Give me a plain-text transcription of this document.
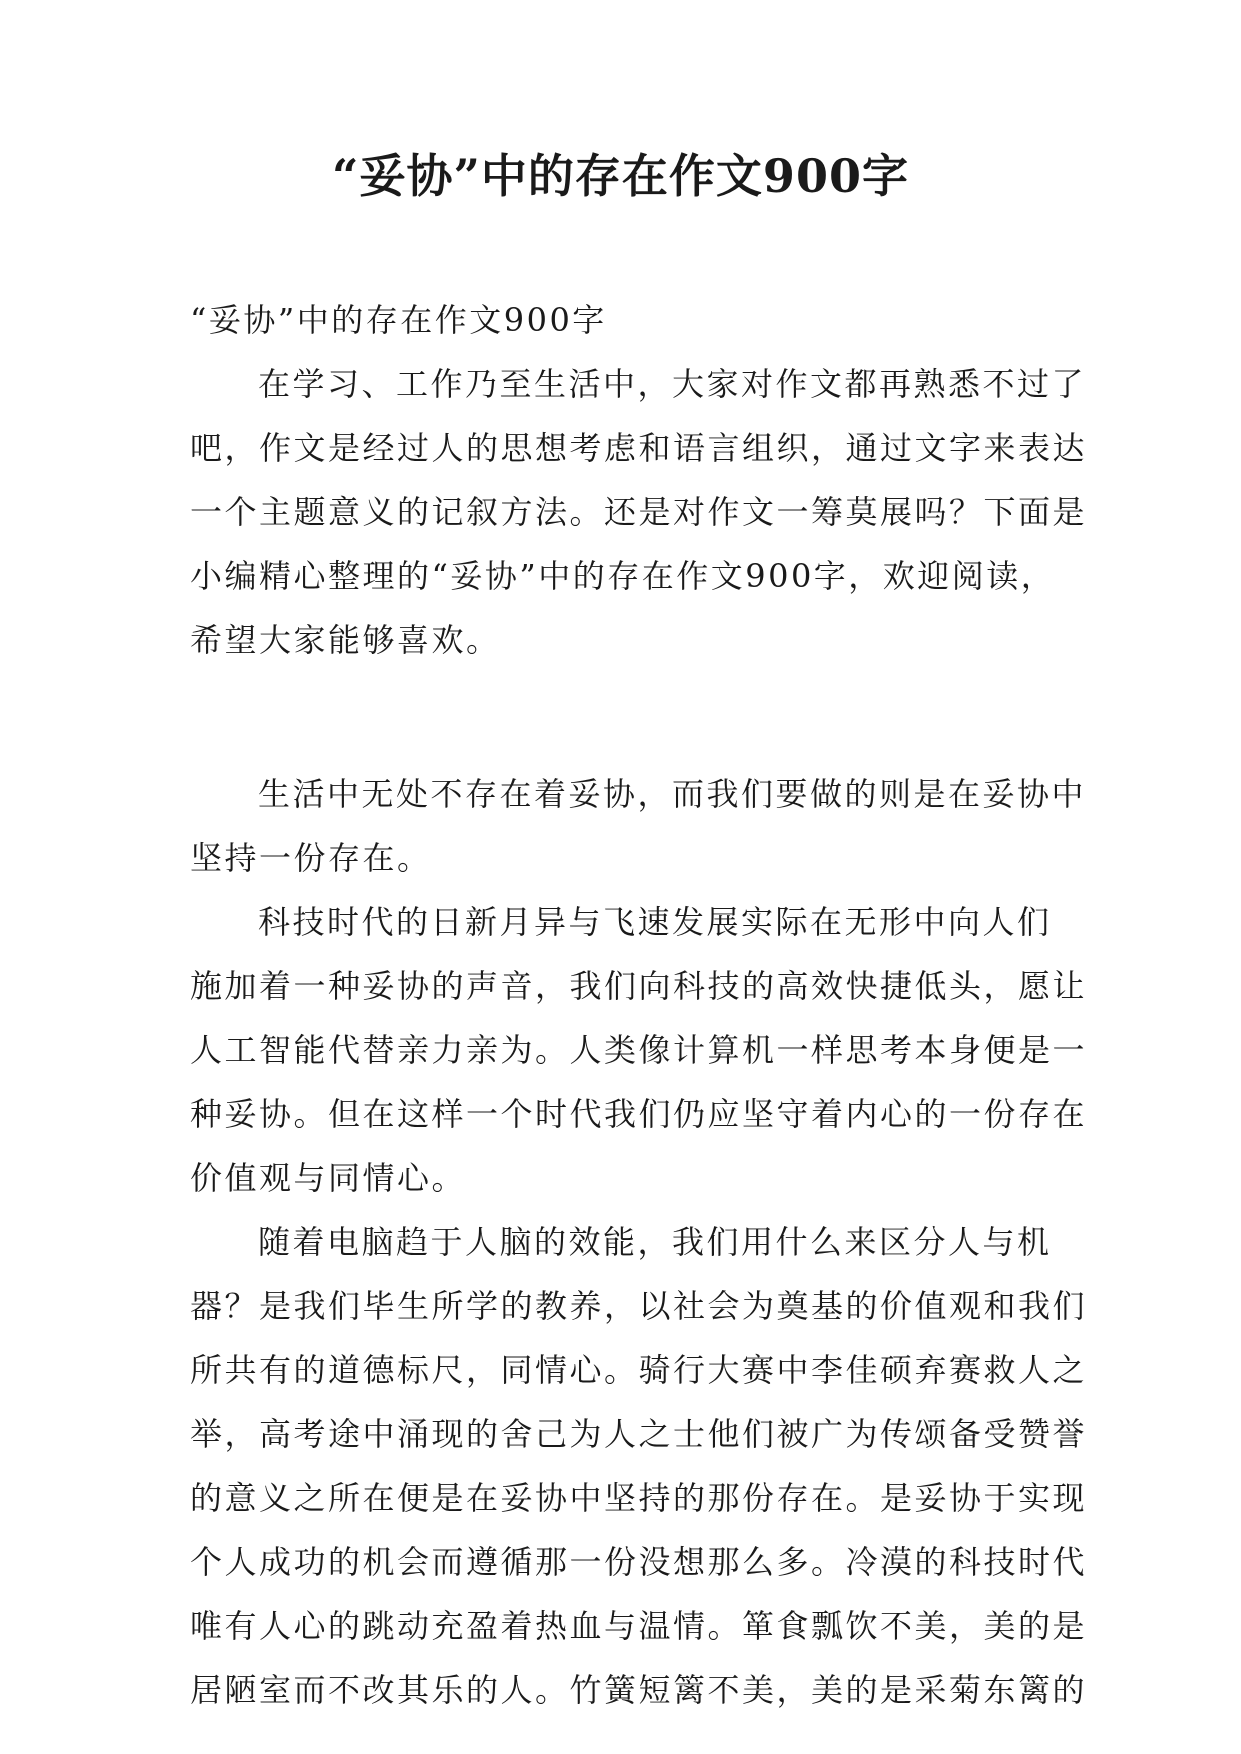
“妥协”中的存在作文900字
“妥协”中的存在作文900字
在学习、工作乃至生活中，大家对作文都再熟悉不过了
吧，作文是经过人的思想考虑和语言组织，通过文字来表达
一个主题意义的记叙方法。还是对作文一筹莫展吗？下面是
小编精心整理的“妥协”中的存在作文900字，欢迎阅读，
希望大家能够喜欢。
生活中无处不存在着妥协，而我们要做的则是在妥协中
坚持一份存在。
科技时代的日新月异与飞速发展实际在无形中向人们
施加着一种妥协的声音，我们向科技的高效快捷低头，愿让
人工智能代替亲力亲为。人类像计算机一样思考本身便是一
种妥协。但在这样一个时代我们仍应坚守着内心的一份存在
价值观与同情心。
随着电脑趋于人脑的效能，我们用什么来区分人与机
器？是我们毕生所学的教养，以社会为奠基的价值观和我们
所共有的道德标尺，同情心。骑行大赛中李佳硕弃赛救人之
举，高考途中涌现的舍己为人之士他们被广为传颂备受赞誉
的意义之所在便是在妥协中坚持的那份存在。是妥协于实现
个人成功的机会而遵循那一份没想那么多。冷漠的科技时代
唯有人心的跳动充盈着热血与温情。箪食瓢饮不美，美的是
居陋室而不改其乐的人。竹簧短篱不美，美的是采菊东篱的
